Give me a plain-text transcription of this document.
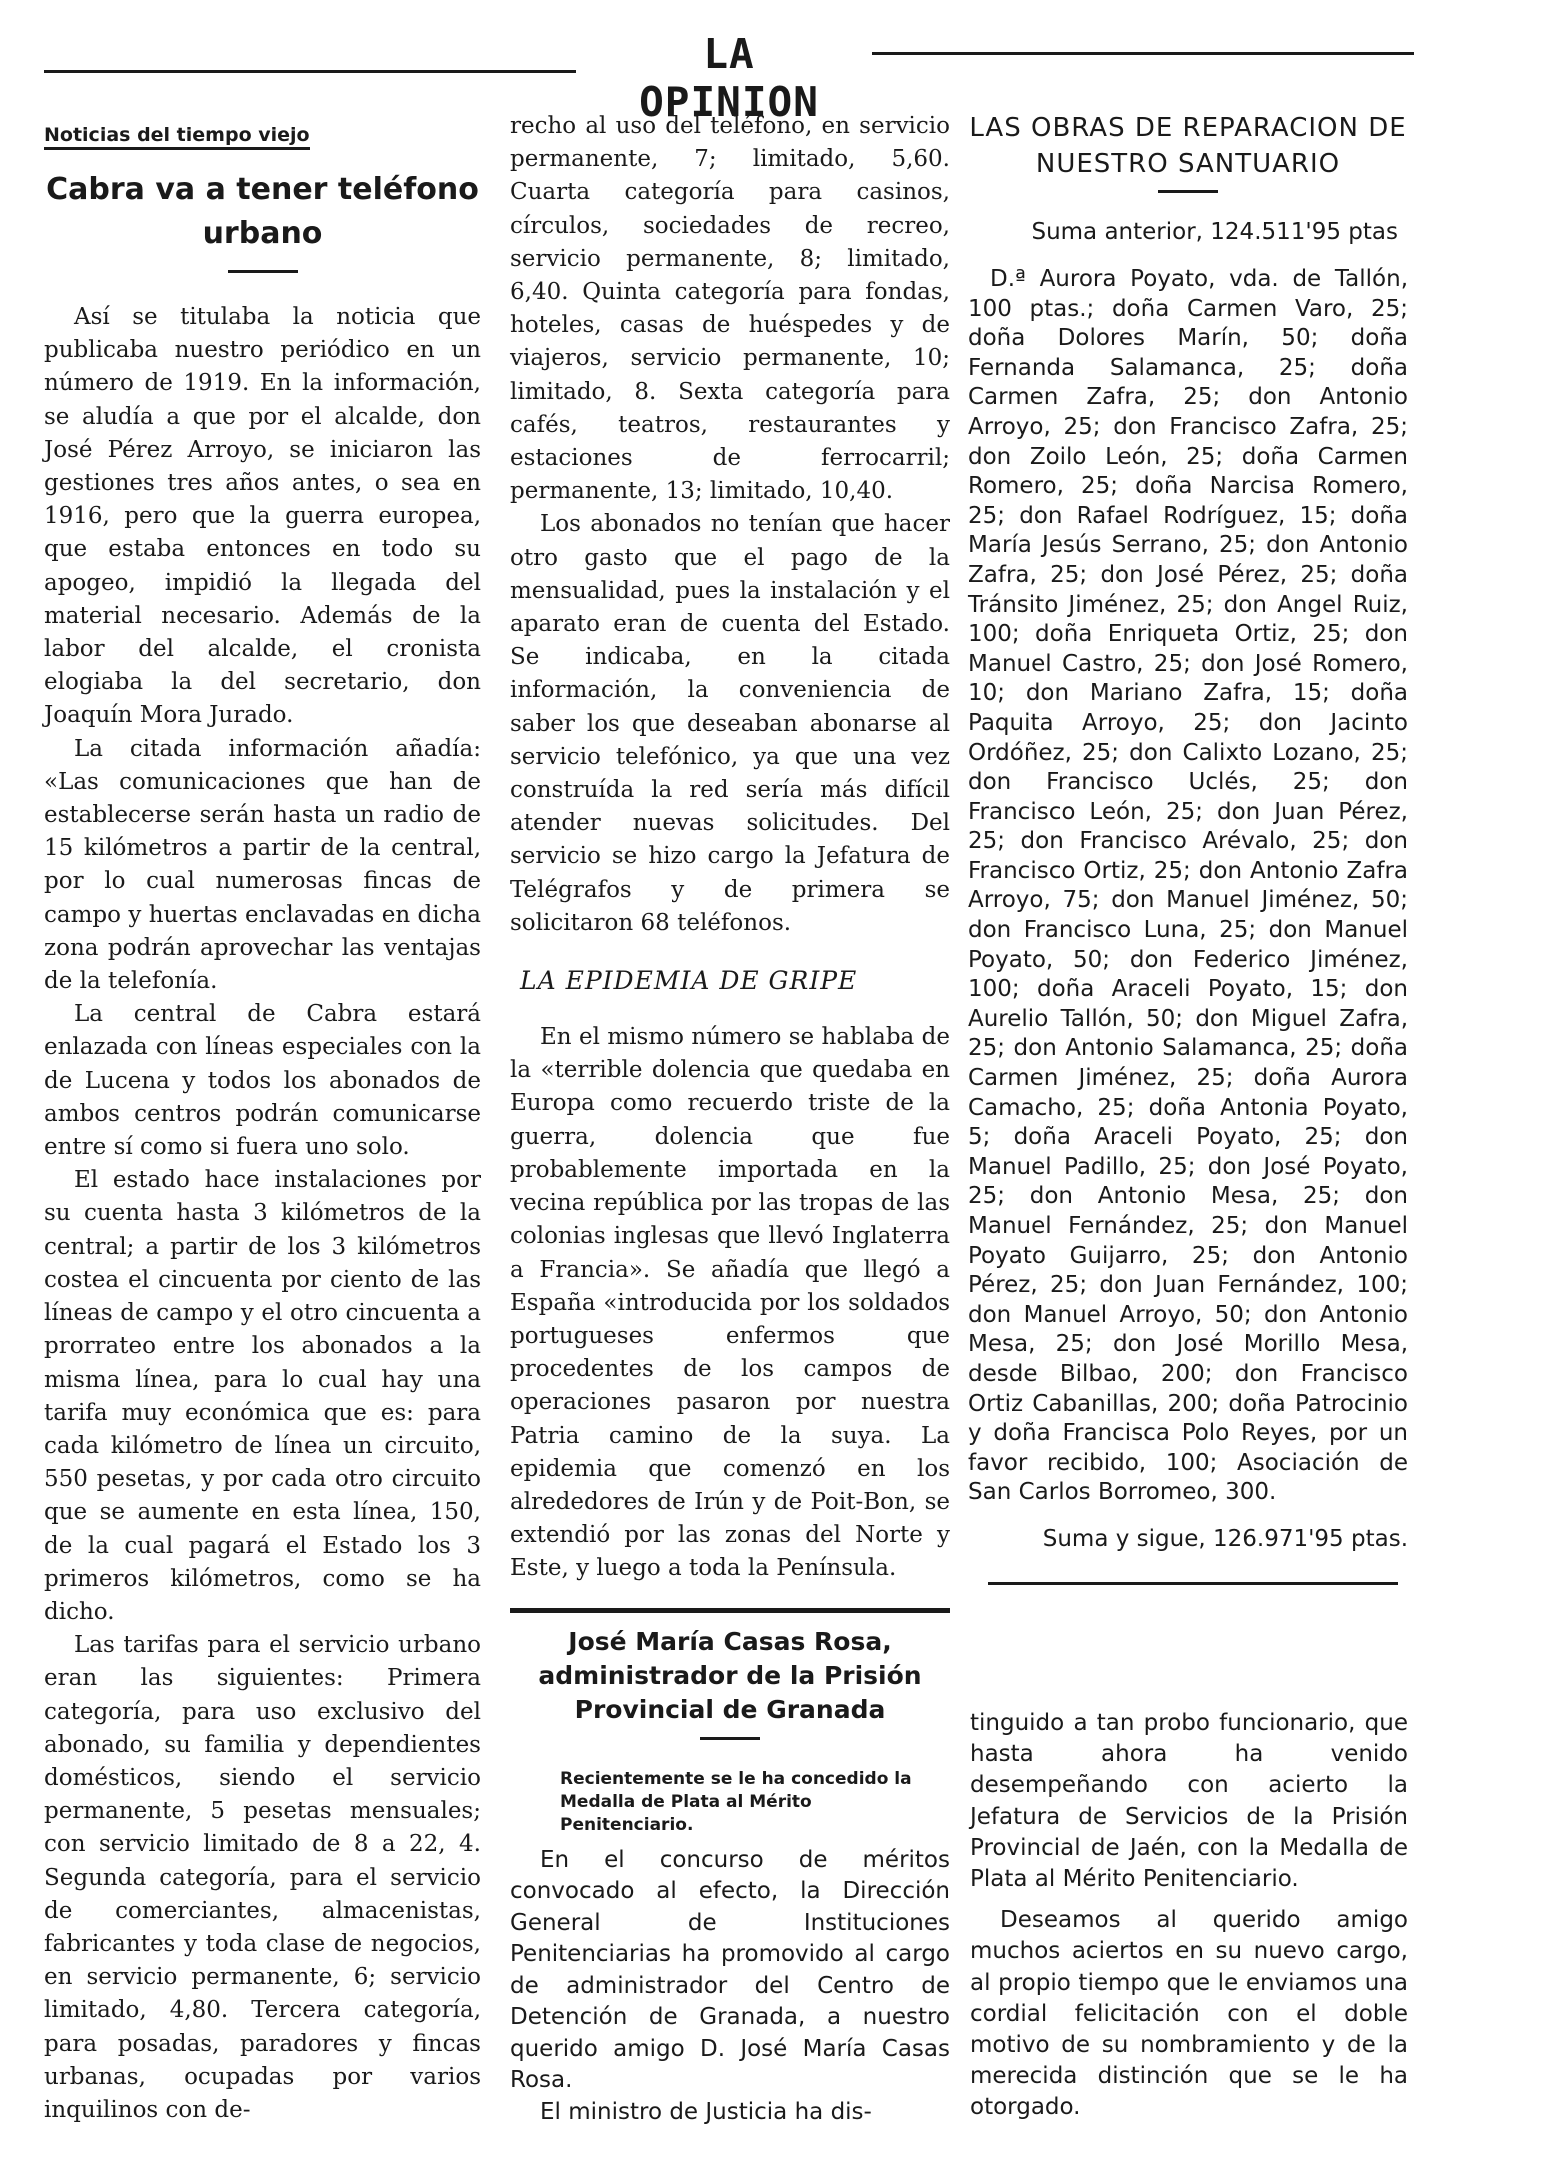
LA OPINION
Noticias del tiempo viejo
Cabra va a tener teléfono urbano

Así se titulaba la noticia que publicaba nuestro periódico en un número de 1919. En la información, se aludía a que por el alcalde, don José Pérez Arroyo, se iniciaron las gestiones tres años antes, o sea en 1916, pero que la guerra europea, que estaba entonces en todo su apogeo, impidió la llegada del material necesario. Además de la labor del alcalde, el cronista elogiaba la del secretario, don Joaquín Mora Jurado.

La citada información añadía: «Las comunicaciones que han de establecerse serán hasta un radio de 15 kilómetros a partir de la central, por lo cual numerosas fincas de campo y huertas enclavadas en dicha zona podrán aprovechar las ventajas de la telefonía.

La central de Cabra estará enlazada con líneas especiales con la de Lucena y todos los abonados de ambos centros podrán comunicarse entre sí como si fuera uno solo.

El estado hace instalaciones por su cuenta hasta 3 kilómetros de la central; a partir de los 3 kilómetros costea el cincuenta por ciento de las líneas de campo y el otro cincuenta a prorrateo entre los abonados a la misma línea, para lo cual hay una tarifa muy económica que es: para cada kilómetro de línea un circuito, 550 pesetas, y por cada otro circuito que se aumente en esta línea, 150, de la cual pagará el Estado los 3 primeros kilómetros, como se ha dicho.

Las tarifas para el servicio urbano eran las siguientes: Primera categoría, para uso exclusivo del abonado, su familia y dependientes domésticos, siendo el servicio permanente, 5 pesetas mensuales; con servicio limitado de 8 a 22, 4. Segunda categoría, para el servicio de comerciantes, almacenistas, fabricantes y toda clase de negocios, en servicio permanente, 6; servicio limitado, 4,80. Tercera categoría, para posadas, paradores y fincas urbanas, ocupadas por varios inquilinos con de-

recho al uso del teléfono, en servicio permanente, 7; limitado, 5,60. Cuarta categoría para casinos, círculos, sociedades de recreo, servicio permanente, 8; limitado, 6,40. Quinta categoría para fondas, hoteles, casas de huéspedes y de viajeros, servicio permanente, 10; limitado, 8. Sexta categoría para cafés, teatros, restaurantes y estaciones de ferrocarril; permanente, 13; limitado, 10,40.

Los abonados no tenían que hacer otro gasto que el pago de la mensualidad, pues la instalación y el aparato eran de cuenta del Estado. Se indicaba, en la citada información, la conveniencia de saber los que deseaban abonarse al servicio telefónico, ya que una vez construída la red sería más difícil atender nuevas solicitudes. Del servicio se hizo cargo la Jefatura de Telégrafos y de primera se solicitaron 68 teléfonos.

LA EPIDEMIA DE GRIPE

En el mismo número se hablaba de la «terrible dolencia que quedaba en Europa como recuerdo triste de la guerra, dolencia que fue probablemente importada en la vecina república por las tropas de las colonias inglesas que llevó Inglaterra a Francia». Se añadía que llegó a España «introducida por los soldados portugueses enfermos que procedentes de los campos de operaciones pasaron por nuestra Patria camino de la suya. La epidemia que comenzó en los alrededores de Irún y de Poit-Bon, se extendió por las zonas del Norte y Este, y luego a toda la Península.

José María Casas Rosa, administrador de la Prisión Provincial de Granada
Recientemente se le ha concedido la Medalla de Plata al Mérito Penitenciario.

En el concurso de méritos convocado al efecto, la Dirección General de Instituciones Penitenciarias ha promovido al cargo de administrador del Centro de Detención de Granada, a nuestro querido amigo D. José María Casas Rosa.

El ministro de Justicia ha dis-

LAS OBRAS DE REPARACION DE NUESTRO SANTUARIO
Suma anterior, 124.511'95 ptas

D.ª Aurora Poyato, vda. de Tallón, 100 ptas.; doña Carmen Varo, 25; doña Dolores Marín, 50; doña Fernanda Salamanca, 25; doña Carmen Zafra, 25; don Antonio Arroyo, 25; don Francisco Zafra, 25; don Zoilo León, 25; doña Carmen Romero, 25; doña Narcisa Romero, 25; don Rafael Rodríguez, 15; doña María Jesús Serrano, 25; don Antonio Zafra, 25; don José Pérez, 25; doña Tránsito Jiménez, 25; don Angel Ruiz, 100; doña Enriqueta Ortiz, 25; don Manuel Castro, 25; don José Romero, 10; don Mariano Zafra, 15; doña Paquita Arroyo, 25; don Jacinto Ordóñez, 25; don Calixto Lozano, 25; don Francisco Uclés, 25; don Francisco León, 25; don Juan Pérez, 25; don Francisco Arévalo, 25; don Francisco Ortiz, 25; don Antonio Zafra Arroyo, 75; don Manuel Jiménez, 50; don Francisco Luna, 25; don Manuel Poyato, 50; don Federico Jiménez, 100; doña Araceli Poyato, 15; don Aurelio Tallón, 50; don Miguel Zafra, 25; don Antonio Salamanca, 25; doña Carmen Jiménez, 25; doña Aurora Camacho, 25; doña Antonia Poyato, 5; doña Araceli Poyato, 25; don Manuel Padillo, 25; don José Poyato, 25; don Antonio Mesa, 25; don Manuel Fernández, 25; don Manuel Poyato Guijarro, 25; don Antonio Pérez, 25; don Juan Fernández, 100; don Manuel Arroyo, 50; don Antonio Mesa, 25; don José Morillo Mesa, desde Bilbao, 200; don Francisco Ortiz Cabanillas, 200; doña Patrocinio y doña Francisca Polo Reyes, por un favor recibido, 100; Asociación de San Carlos Borromeo, 300.

Suma y sigue, 126.971'95 ptas.

tinguido a tan probo funcionario, que hasta ahora ha venido desempeñando con acierto la Jefatura de Servicios de la Prisión Provincial de Jaén, con la Medalla de Plata al Mérito Penitenciario.

Deseamos al querido amigo muchos aciertos en su nuevo cargo, al propio tiempo que le enviamos una cordial felicitación con el doble motivo de su nombramiento y de la merecida distinción que se le ha otorgado.
